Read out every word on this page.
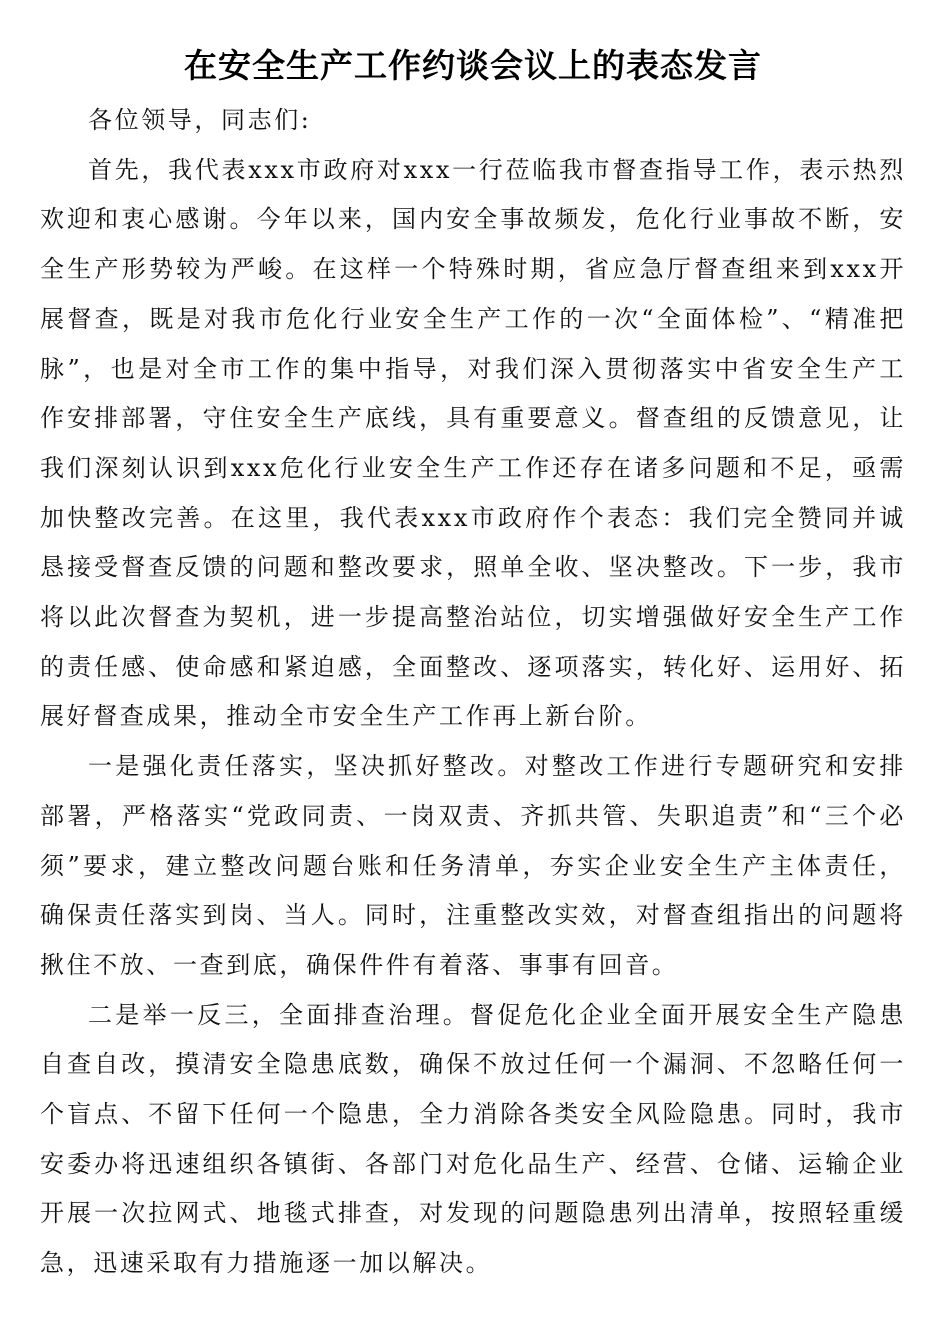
在安全生产工作约谈会议上的表态发言

各位领导，同志们:

首先，我代表xxx市政府对xxx一行莅临我市督查指导工作，表示热烈欢迎和衷心感谢。今年以来，国内安全事故频发，危化行业事故不断，安全生产形势较为严峻。在这样一个特殊时期，省应急厅督查组来到xxx开展督查，既是对我市危化行业安全生产工作的一次“全面体检”、“精准把脉”，也是对全市工作的集中指导，对我们深入贯彻落实中省安全生产工作安排部署，守住安全生产底线，具有重要意义。督查组的反馈意见，让我们深刻认识到xxx危化行业安全生产工作还存在诸多问题和不足，亟需加快整改完善。在这里，我代表xxx市政府作个表态：我们完全赞同并诚恳接受督查反馈的问题和整改要求，照单全收、坚决整改。下一步，我市将以此次督查为契机，进一步提高整治站位，切实增强做好安全生产工作的责任感、使命感和紧迫感，全面整改、逐项落实，转化好、运用好、拓展好督查成果，推动全市安全生产工作再上新台阶。

一是强化责任落实，坚决抓好整改。对整改工作进行专题研究和安排部署，严格落实“党政同责、一岗双责、齐抓共管、失职追责”和“三个必须”要求，建立整改问题台账和任务清单，夯实企业安全生产主体责任，确保责任落实到岗、当人。同时，注重整改实效，对督查组指出的问题将揪住不放、一查到底，确保件件有着落、事事有回音。

二是举一反三，全面排查治理。督促危化企业全面开展安全生产隐患自查自改，摸清安全隐患底数，确保不放过任何一个漏洞、不忽略任何一个盲点、不留下任何一个隐患，全力消除各类安全风险隐患。同时，我市安委办将迅速组织各镇街、各部门对危化品生产、经营、仓储、运输企业开展一次拉网式、地毯式排查，对发现的问题隐患列出清单，按照轻重缓急，迅速采取有力措施逐一加以解决。
